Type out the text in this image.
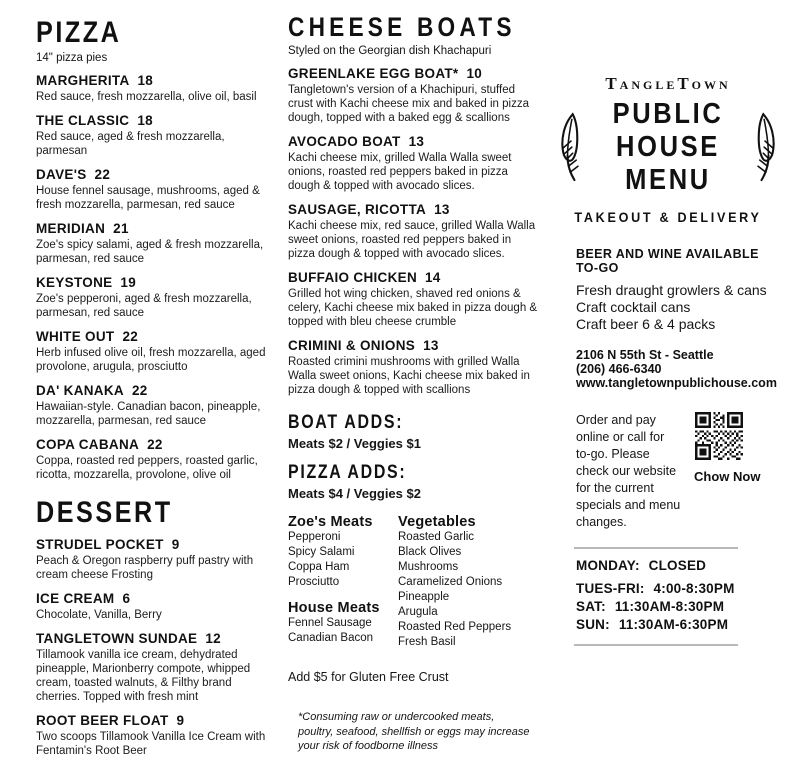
PIZZA
14" pizza pies
MARGHERITA 18
Red sauce, fresh mozzarella, olive oil, basil
THE CLASSIC 18
Red sauce, aged & fresh mozzarella, parmesan
DAVE'S 22
House fennel sausage, mushrooms, aged & fresh mozzarella, parmesan, red sauce
MERIDIAN 21
Zoe's spicy salami, aged & fresh mozzarella, parmesan, red sauce
KEYSTONE 19
Zoe's pepperoni, aged & fresh mozzarella, parmesan, red sauce
WHITE OUT 22
Herb infused olive oil, fresh mozzarella, aged provolone, arugula, prosciutto
DA' KANAKA 22
Hawaiian-style. Canadian bacon, pineapple, mozzarella, parmesan, red sauce
COPA CABANA 22
Coppa, roasted red peppers, roasted garlic, ricotta, mozzarella, provolone, olive oil
DESSERT
STRUDEL POCKET 9
Peach & Oregon raspberry puff pastry with cream cheese Frosting
ICE CREAM 6
Chocolate, Vanilla, Berry
TANGLETOWN SUNDAE 12
Tillamook vanilla ice cream, dehydrated pineapple, Marionberry compote, whipped cream, toasted walnuts, & Filthy brand cherries. Topped with fresh mint
ROOT BEER FLOAT 9
Two scoops Tillamook Vanilla Ice Cream with Fentamin's Root Beer
CHEESE BOATS
Styled on the Georgian dish Khachapuri
GREENLAKE EGG BOAT* 10
Tangletown's version of a Khachipuri, stuffed crust with Kachi cheese mix and baked in pizza dough, topped with a baked egg & scallions
AVOCADO BOAT 13
Kachi cheese mix, grilled Walla Walla sweet onions, roasted red peppers baked in pizza dough & topped with avocado slices.
SAUSAGE, RICOTTA 13
Kachi cheese mix, red sauce, grilled Walla Walla sweet onions, roasted red peppers baked in pizza dough & topped with avocado slices.
BUFFAIO CHICKEN 14
Grilled hot wing chicken, shaved red onions & celery, Kachi cheese mix baked in pizza dough & topped with bleu cheese crumble
CRIMINI & ONIONS 13
Roasted crimini mushrooms with grilled Walla Walla sweet onions, Kachi cheese mix baked in pizza dough & topped with scallions
BOAT ADDS:
Meats $2 / Veggies $1
PIZZA ADDS:
Meats $4 / Veggies $2
Zoe's Meats
Pepperoni
Spicy Salami
Coppa Ham
Prosciutto
House Meats
Fennel Sausage
Canadian Bacon
Vegetables
Roasted Garlic
Black Olives
Mushrooms
Caramelized Onions
Pineapple
Arugula
Roasted Red Peppers
Fresh Basil
Add $5 for Gluten Free Crust
*Consuming raw or undercooked meats, poultry, seafood, shellfish or eggs may increase your risk of foodborne illness
TangleTown
PUBLIC
HOUSE
MENU
TAKEOUT & DELIVERY
BEER AND WINE AVAILABLE TO-GO
Fresh draught growlers & cans
Craft cocktail cans
Craft beer 6 & 4 packs
2106 N 55th St - Seattle
(206) 466-6340
www.tangletownpublichouse.com
Order and pay online or call for to-go. Please check our website for the current specials and menu changes.
Chow Now
MONDAY: CLOSED
TUES-FRI: 4:00-8:30PM
SAT: 11:30AM-8:30PM
SUN: 11:30AM-6:30PM
